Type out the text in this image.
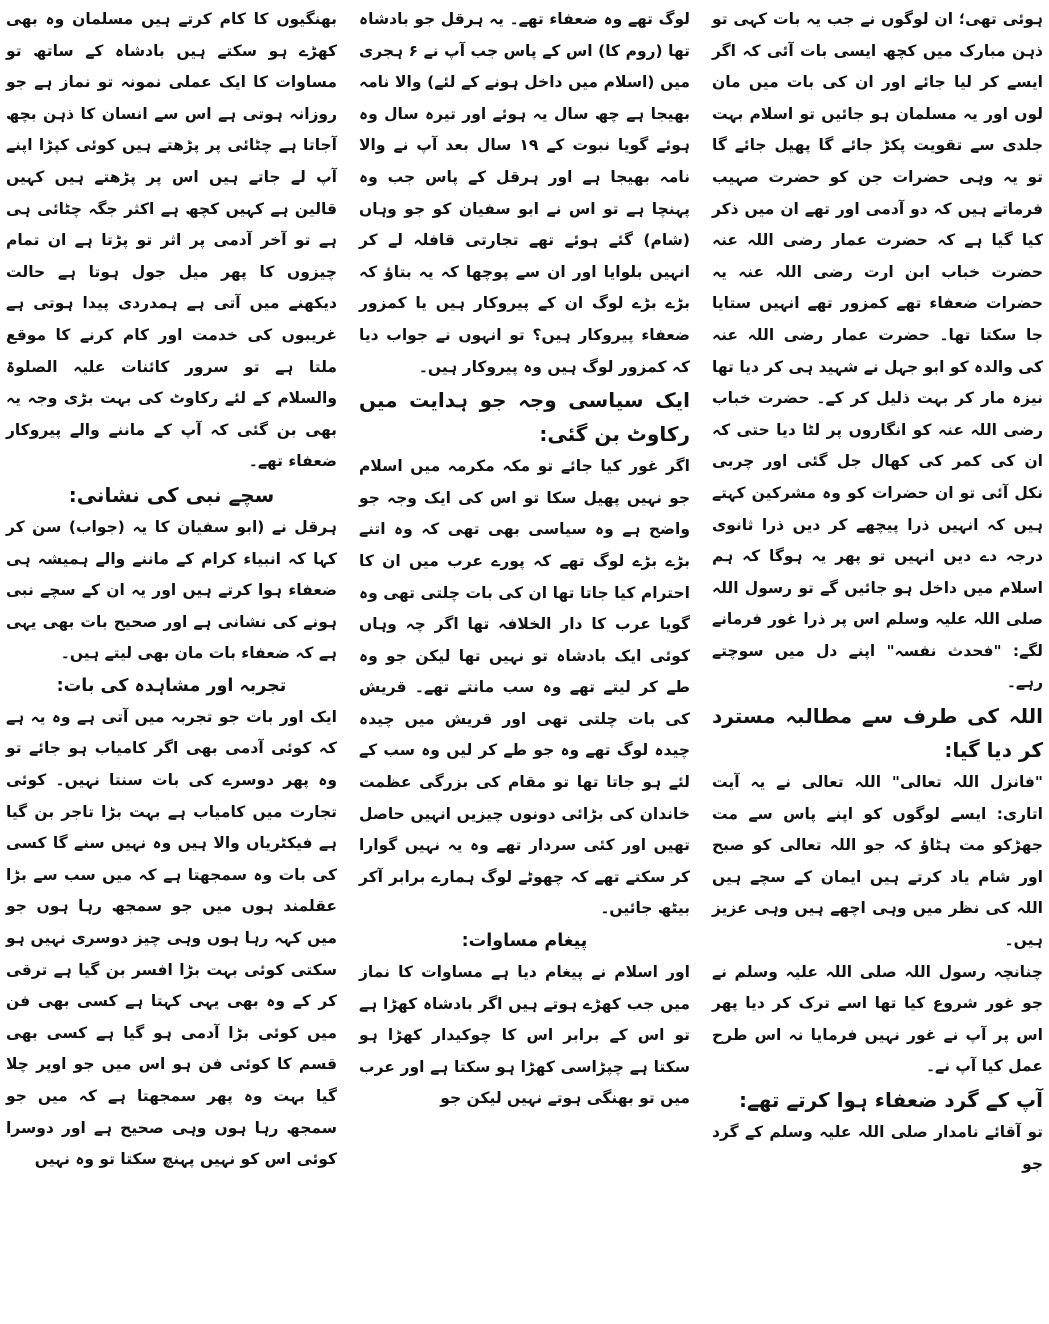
ہوئی تھی؛ ان لوگوں نے جب یہ بات کہی تو ذہن مبارک میں کچھ ایسی بات آئی کہ اگر ایسے کر لیا جائے اور ان کی بات میں مان لوں اور یہ مسلمان ہو جائیں تو اسلام بہت جلدی سے تقویت پکڑ جائے گا پھیل جائے گا تو یہ وہی حضرات جن کو حضرت صہیب فرماتے ہیں کہ دو آدمی اور تھے ان میں ذکر کیا گیا ہے کہ حضرت عمار رضی اللہ عنہ حضرت خباب ابن ارت رضی اللہ عنہ یہ حضرات ضعفاء تھے کمزور تھے انہیں ستایا جا سکتا تھا۔ حضرت عمار رضی اللہ عنہ کی والدہ کو ابو جہل نے شہید ہی کر دیا تھا نیزہ مار کر بہت ذلیل کر کے۔ حضرت خباب رضی اللہ عنہ کو انگاروں پر لٹا دیا حتی کہ ان کی کمر کی کھال جل گئی اور چربی نکل آئی تو ان حضرات کو وہ مشرکین کہتے ہیں کہ انہیں ذرا پیچھے کر دیں ذرا ثانوی درجہ دے دیں انہیں تو پھر یہ ہوگا کہ ہم اسلام میں داخل ہو جائیں گے تو رسول اللہ صلی اللہ علیہ وسلم اس پر ذرا غور فرمانے لگے: "فحدث نفسہ" اپنے دل میں سوچتے رہے۔

اللہ کی طرف سے مطالبہ مسترد کر دیا گیا:

"فانزل اللہ تعالی" اللہ تعالی نے یہ آیت اتاری: ایسے لوگوں کو اپنے پاس سے مت جھڑکو مت ہٹاؤ کہ جو اللہ تعالی کو صبح اور شام یاد کرتے ہیں ایمان کے سچے ہیں اللہ کی نظر میں وہی اچھے ہیں وہی عزیز ہیں۔

چنانچہ رسول اللہ صلی اللہ علیہ وسلم نے جو غور شروع کیا تھا اسے ترک کر دیا پھر اس پر آپ نے غور نہیں فرمایا نہ اس طرح عمل کیا آپ نے۔

آپ کے گرد ضعفاء ہوا کرتے تھے:

تو آقائے نامدار صلی اللہ علیہ وسلم کے گرد جو

لوگ تھے وہ ضعفاء تھے۔ یہ ہرقل جو بادشاہ تھا (روم کا) اس کے پاس جب آپ نے ۶ ہجری میں (اسلام میں داخل ہونے کے لئے) والا نامہ بھیجا ہے چھ سال یہ ہوئے اور تیرہ سال وہ ہوئے گویا نبوت کے ۱۹ سال بعد آپ نے والا نامہ بھیجا ہے اور ہرقل کے پاس جب وہ پہنچا ہے تو اس نے ابو سفیان کو جو وہاں (شام) گئے ہوئے تھے تجارتی قافلہ لے کر انہیں بلوایا اور ان سے پوچھا کہ یہ بتاؤ کہ بڑے بڑے لوگ ان کے پیروکار ہیں یا کمزور ضعفاء پیروکار ہیں؟ تو انہوں نے جواب دیا کہ کمزور لوگ ہیں وہ پیروکار ہیں۔

ایک سیاسی وجہ جو ہدایت میں رکاوٹ بن گئی:

اگر غور کیا جائے تو مکہ مکرمہ میں اسلام جو نہیں پھیل سکا تو اس کی ایک وجہ جو واضح ہے وہ سیاسی بھی تھی کہ وہ اتنے بڑے بڑے لوگ تھے کہ پورے عرب میں ان کا احترام کیا جاتا تھا ان کی بات چلتی تھی وہ گویا عرب کا دار الخلافہ تھا اگر چہ وہاں کوئی ایک بادشاہ تو نہیں تھا لیکن جو وہ طے کر لیتے تھے وہ سب مانتے تھے۔ قریش کی بات چلتی تھی اور قریش میں چیدہ چیدہ لوگ تھے وہ جو طے کر لیں وہ سب کے لئے ہو جاتا تھا تو مقام کی بزرگی عظمت خاندان کی بڑائی دونوں چیزیں انہیں حاصل تھیں اور کئی سردار تھے وہ یہ نہیں گوارا کر سکتے تھے کہ چھوٹے لوگ ہمارے برابر آکر بیٹھ جائیں۔

پیغام مساوات:

اور اسلام نے پیغام دیا ہے مساوات کا نماز میں جب کھڑے ہوتے ہیں اگر بادشاہ کھڑا ہے تو اس کے برابر اس کا چوکیدار کھڑا ہو سکتا ہے چپڑاسی کھڑا ہو سکتا ہے اور عرب میں تو بھنگی ہوتے نہیں لیکن جو

بھنگیوں کا کام کرتے ہیں مسلمان وہ بھی کھڑے ہو سکتے ہیں بادشاہ کے ساتھ تو مساوات کا ایک عملی نمونہ تو نماز ہے جو روزانہ ہوتی ہے اس سے انسان کا ذہن بچھ آجاتا ہے چٹائی پر پڑھتے ہیں کوئی کپڑا اپنے آپ لے جاتے ہیں اس پر پڑھتے ہیں کہیں قالین ہے کہیں کچھ ہے اکثر جگہ چٹائی ہی ہے تو آخر آدمی پر اثر تو پڑتا ہے ان تمام چیزوں کا پھر میل جول ہوتا ہے حالت دیکھنے میں آتی ہے ہمدردی پیدا ہوتی ہے غریبوں کی خدمت اور کام کرنے کا موقع ملتا ہے تو سرور کائنات علیہ الصلوۃ والسلام کے لئے رکاوٹ کی بہت بڑی وجہ یہ بھی بن گئی کہ آپ کے ماننے والے پیروکار ضعفاء تھے۔

سچے نبی کی نشانی:

ہرقل نے (ابو سفیان کا یہ (جواب) سن کر کہا کہ انبیاء کرام کے ماننے والے ہمیشہ ہی ضعفاء ہوا کرتے ہیں اور یہ ان کے سچے نبی ہونے کی نشانی ہے اور صحیح بات بھی یہی ہے کہ ضعفاء بات مان بھی لیتے ہیں۔

تجربہ اور مشاہدہ کی بات:

ایک اور بات جو تجربہ میں آتی ہے وہ یہ ہے کہ کوئی آدمی بھی اگر کامیاب ہو جائے تو وہ پھر دوسرے کی بات سنتا نہیں۔ کوئی تجارت میں کامیاب ہے بہت بڑا تاجر بن گیا ہے فیکٹریاں والا ہیں وہ نہیں سنے گا کسی کی بات وہ سمجھتا ہے کہ میں سب سے بڑا عقلمند ہوں میں جو سمجھ رہا ہوں جو میں کہہ رہا ہوں وہی چیز دوسری نہیں ہو سکتی کوئی بہت بڑا افسر بن گیا ہے ترقی کر کے وہ بھی یہی کہتا ہے کسی بھی فن میں کوئی بڑا آدمی ہو گیا ہے کسی بھی قسم کا کوئی فن ہو اس میں جو اوپر چلا گیا بہت وہ پھر سمجھتا ہے کہ میں جو سمجھ رہا ہوں وہی صحیح ہے اور دوسرا کوئی اس کو نہیں پہنچ سکتا تو وہ نہیں
